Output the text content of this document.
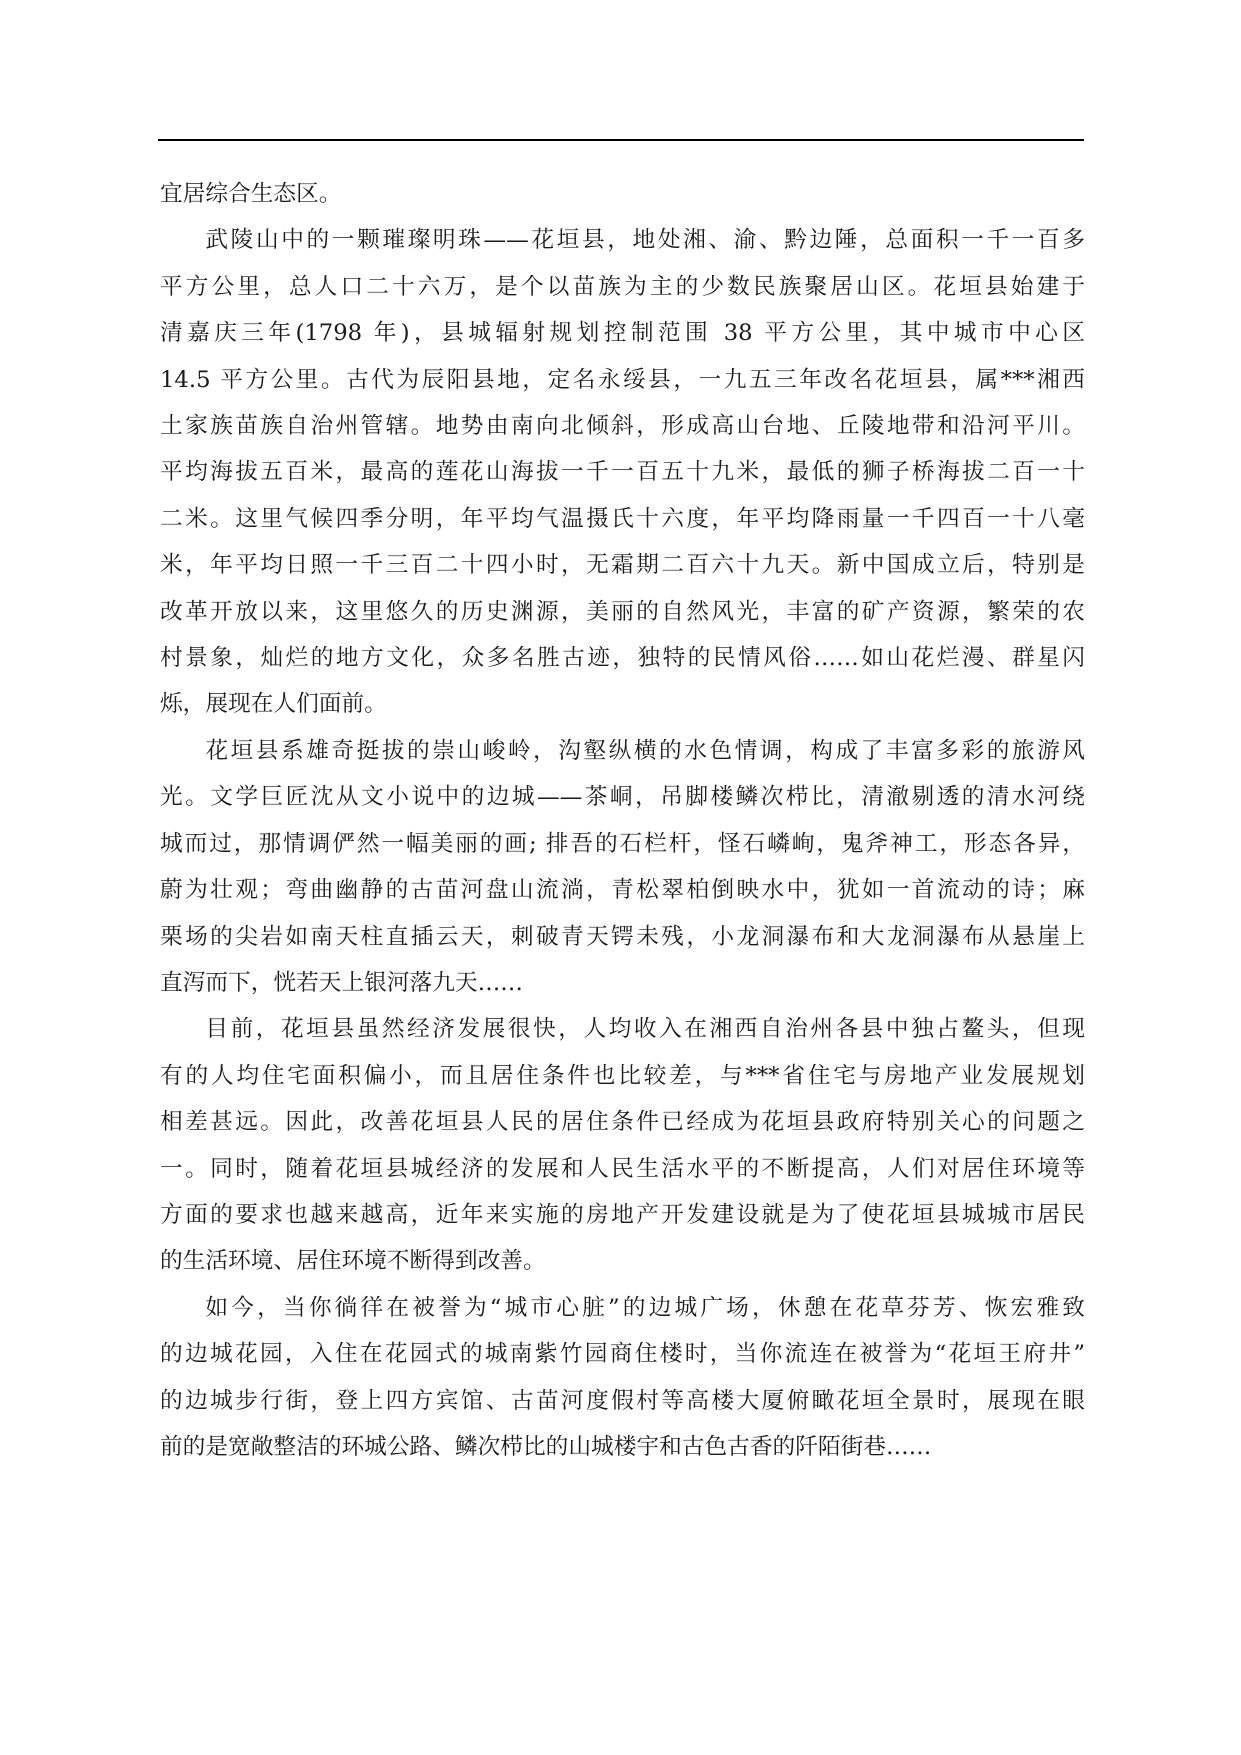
宜居综合生态区。

武陵山中的一颗璀璨明珠——花垣县，地处湘、渝、黔边陲，总面积一千一百多
平方公里，总人口二十六万，是个以苗族为主的少数民族聚居山区。花垣县始建于
清嘉庆三年(1798 年)，县城辐射规划控制范围 38 平方公里，其中城市中心区
14.5 平方公里。古代为辰阳县地，定名永绥县，一九五三年改名花垣县，属***湘西
土家族苗族自治州管辖。地势由南向北倾斜，形成高山台地、丘陵地带和沿河平川。
平均海拔五百米，最高的莲花山海拔一千一百五十九米，最低的狮子桥海拔二百一十
二米。这里气候四季分明，年平均气温摄氏十六度，年平均降雨量一千四百一十八毫
米，年平均日照一千三百二十四小时，无霜期二百六十九天。新中国成立后，特别是
改革开放以来，这里悠久的历史渊源，美丽的自然风光，丰富的矿产资源，繁荣的农
村景象，灿烂的地方文化，众多名胜古迹，独特的民情风俗……如山花烂漫、群星闪
烁，展现在人们面前。

花垣县系雄奇挺拔的崇山峻岭，沟壑纵横的水色情调，构成了丰富多彩的旅游风
光。文学巨匠沈从文小说中的边城——茶峒，吊脚楼鳞次栉比，清澈剔透的清水河绕
城而过，那情调俨然一幅美丽的画; 排吾的石栏杆，怪石嶙峋，鬼斧神工，形态各异，
蔚为壮观；弯曲幽静的古苗河盘山流淌，青松翠柏倒映水中，犹如一首流动的诗；麻
栗场的尖岩如南天柱直插云天，刺破青天锷未残，小龙洞瀑布和大龙洞瀑布从悬崖上
直泻而下，恍若天上银河落九天……

目前，花垣县虽然经济发展很快，人均收入在湘西自治州各县中独占鳌头，但现
有的人均住宅面积偏小，而且居住条件也比较差，与***省住宅与房地产业发展规划
相差甚远。因此，改善花垣县人民的居住条件已经成为花垣县政府特别关心的问题之
一。同时，随着花垣县城经济的发展和人民生活水平的不断提高，人们对居住环境等
方面的要求也越来越高，近年来实施的房地产开发建设就是为了使花垣县城城市居民
的生活环境、居住环境不断得到改善。

如今，当你徜徉在被誉为“城市心脏”的边城广场，休憩在花草芬芳、恢宏雅致
的边城花园，入住在花园式的城南紫竹园商住楼时，当你流连在被誉为“花垣王府井”
的边城步行街，登上四方宾馆、古苗河度假村等高楼大厦俯瞰花垣全景时，展现在眼
前的是宽敞整洁的环城公路、鳞次栉比的山城楼宇和古色古香的阡陌街巷……
